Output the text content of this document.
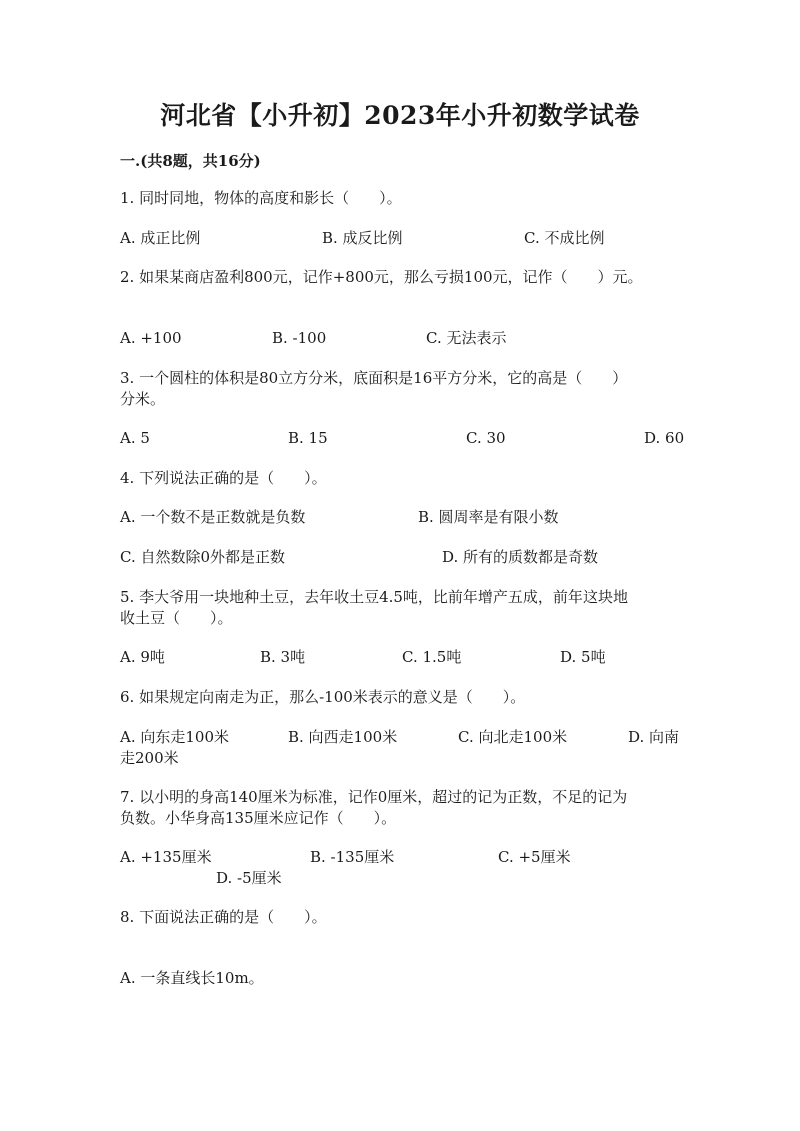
河北省【小升初】2023年小升初数学试卷
一.(共8题，共16分)
1. 同时同地，物体的高度和影长（　　）。
A. 成正比例	B. 成反比例	C. 不成比例
2. 如果某商店盈利800元，记作+800元，那么亏损100元，记作（　　）元。
A. +100	B. -100	C. 无法表示
3. 一个圆柱的体积是80立方分米，底面积是16平方分米，它的高是（　　）
分米。
A. 5	B. 15	C. 30	D. 60
4. 下列说法正确的是（　　）。
A. 一个数不是正数就是负数	B. 圆周率是有限小数
C. 自然数除0外都是正数	D. 所有的质数都是奇数
5. 李大爷用一块地种土豆，去年收土豆4.5吨，比前年增产五成，前年这块地
收土豆（　　）。
A. 9吨	B. 3吨	C. 1.5吨	D. 5吨
6. 如果规定向南走为正，那么-100米表示的意义是（　　）。
A. 向东走100米	B. 向西走100米	C. 向北走100米	D. 向南
走200米
7. 以小明的身高140厘米为标准，记作0厘米，超过的记为正数，不足的记为
负数。小华身高135厘米应记作（　　）。
A. +135厘米	B. -135厘米	C. +5厘米
D. -5厘米
8. 下面说法正确的是（　　）。
A. 一条直线长10m。
